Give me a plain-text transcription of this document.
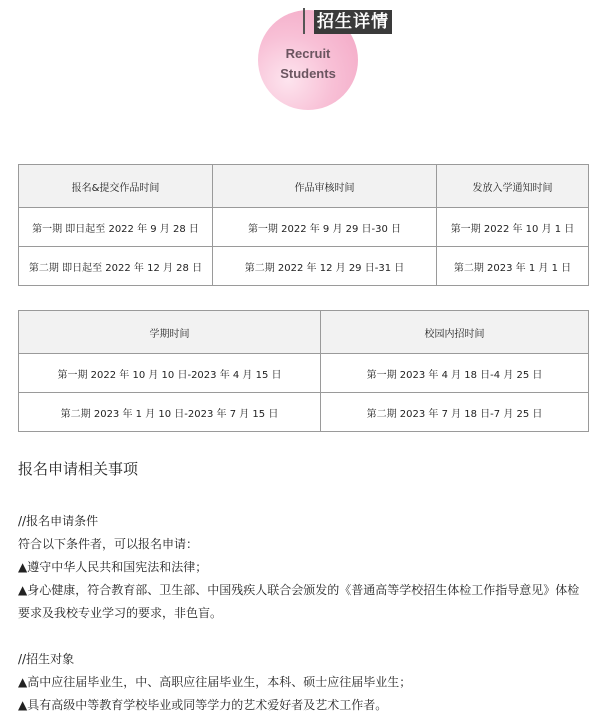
招生详情
Recruit
Students
报名&提交作品时间	作品审核时间	发放入学通知时间
第一期 即日起至 2022 年 9 月 28 日	第一期 2022 年 9 月 29 日-30 日	第一期 2022 年 10 月 1 日
第二期 即日起至 2022 年 12 月 28 日	第二期 2022 年 12 月 29 日-31 日	第二期 2023 年 1 月 1 日
学期时间	校园内招时间
第一期 2022 年 10 月 10 日-2023 年 4 月 15 日	第一期 2023 年 4 月 18 日-4 月 25 日
第二期 2023 年 1 月 10 日-2023 年 7 月 15 日	第二期 2023 年 7 月 18 日-7 月 25 日
报名申请相关事项

//报名申请条件

符合以下条件者，可以报名申请：

▲遵守中华人民共和国宪法和法律；

▲身心健康，符合教育部、卫生部、中国残疾人联合会颁发的《普通高等学校招生体检工作指导意见》体检要求及我校专业学习的要求，非色盲。

//招生对象

▲高中应往届毕业生，中、高职应往届毕业生，本科、硕士应往届毕业生；

▲具有高级中等教育学校毕业或同等学力的艺术爱好者及艺术工作者。
